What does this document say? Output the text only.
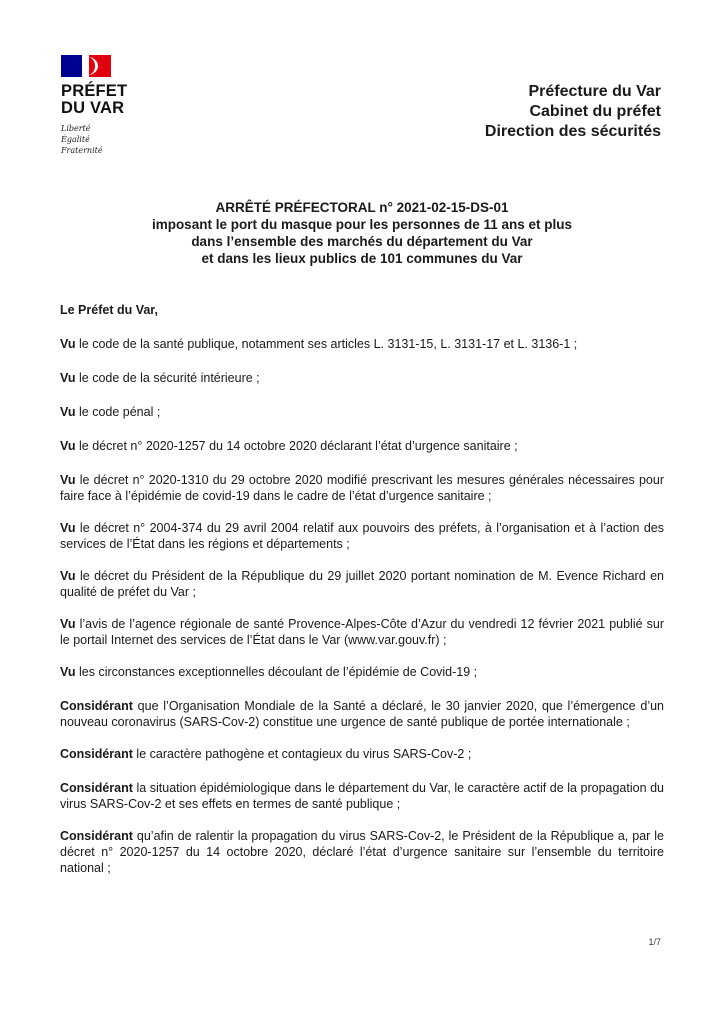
PRÉFET
DU VAR
Liberté
Égalité
Fraternité
Préfecture du Var
Cabinet du préfet
Direction des sécurités
ARRÊTÉ PRÉFECTORAL n° 2021-02-15-DS-01
imposant le port du masque pour les personnes de 11 ans et plus
dans l’ensemble des marchés du département du Var
et dans les lieux publics de 101 communes du Var

Le Préfet du Var,

Vu le code de la santé publique, notamment ses articles L. 3131-15, L. 3131-17 et L. 3136-1 ;

Vu le code de la sécurité intérieure ;

Vu le code pénal ;

Vu le décret n° 2020-1257 du 14 octobre 2020 déclarant l’état d’urgence sanitaire ;

Vu le décret n° 2020-1310 du 29 octobre 2020 modifié prescrivant les mesures générales nécessaires pour faire face à l’épidémie de covid-19 dans le cadre de l’état d’urgence sanitaire ;

Vu le décret n° 2004-374 du 29 avril 2004 relatif aux pouvoirs des préfets, à l’organisation et à l’action des services de l’État dans les régions et départements ;

Vu le décret du Président de la République du 29 juillet 2020 portant nomination de M. Evence Richard en qualité de préfet du Var ;

Vu l’avis de l’agence régionale de santé Provence-Alpes-Côte d’Azur du vendredi 12 février 2021 publié sur le portail Internet des services de l’État dans le Var (www.var.gouv.fr) ;

Vu les circonstances exceptionnelles découlant de l’épidémie de Covid-19 ;

Considérant que l’Organisation Mondiale de la Santé a déclaré, le 30 janvier 2020, que l’émergence d’un nouveau coronavirus (SARS-Cov-2) constitue une urgence de santé publique de portée internationale ;

Considérant le caractère pathogène et contagieux du virus SARS-Cov-2 ;

Considérant la situation épidémiologique dans le département du Var, le caractère actif de la propagation du virus SARS-Cov-2 et ses effets en termes de santé publique ;

Considérant qu’afin de ralentir la propagation du virus SARS-Cov-2, le Président de la République a, par le décret n° 2020-1257 du 14 octobre 2020, déclaré l’état d’urgence sanitaire sur l’ensemble du territoire national ;

1/7
